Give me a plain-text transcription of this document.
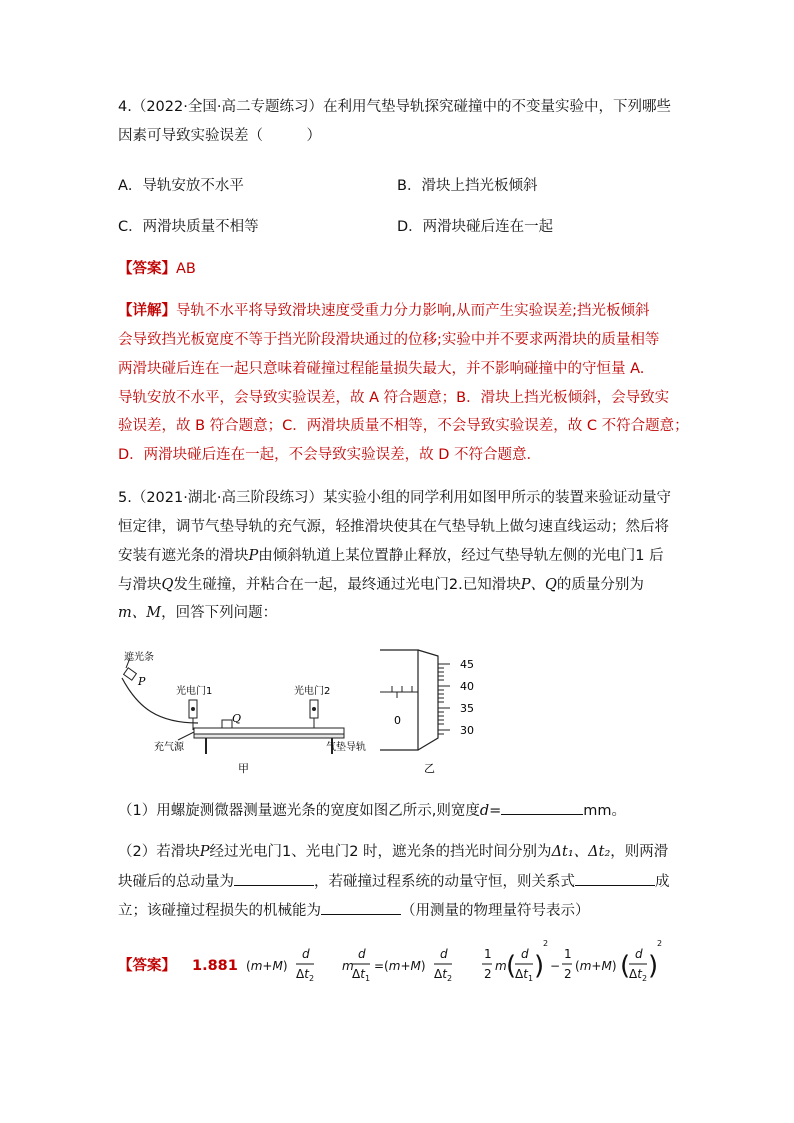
4.（2022·全国·高二专题练习）在利用气垫导轨探究碰撞中的不变量实验中，下列哪些
因素可导致实验误差（　　　）
A．导轨安放不水平	B．滑块上挡光板倾斜
C．两滑块质量不相等	D．两滑块碰后连在一起
【答案】AB
【详解】导轨不水平将导致滑块速度受重力分力影响,从而产生实验误差;挡光板倾斜
会导致挡光板宽度不等于挡光阶段滑块通过的位移;实验中并不要求两滑块的质量相等
两滑块碰后连在一起只意味着碰撞过程能量损失最大，并不影响碰撞中的守恒量 A.
导轨安放不水平，会导致实验误差，故 A 符合题意；B．滑块上挡光板倾斜，会导致实
验误差，故 B 符合题意；C．两滑块质量不相等，不会导致实验误差，故 C 不符合题意；
D．两滑块碰后连在一起，不会导致实验误差，故 D 不符合题意．
5.（2021·湖北·高三阶段练习）某实验小组的同学利用如图甲所示的装置来验证动量守
恒定律，调节气垫导轨的充气源，轻推滑块使其在气垫导轨上做匀速直线运动；然后将
安装有遮光条的滑块P由倾斜轨道上某位置静止释放，经过气垫导轨左侧的光电门1 后
与滑块Q发生碰撞，并粘合在一起，最终通过光电门2.已知滑块P、Q的质量分别为
m、M，回答下列问题：
遮光条
P
光电门1	光电门2
Q
充气源	气垫导轨
甲
0
45
40
35
30
乙
（1）用螺旋测微器测量遮光条的宽度如图乙所示,则宽度d=	mm。
（2）若滑块P经过光电门1、光电门2 时，遮光条的挡光时间分别为Δt₁、Δt₂，则两滑
块碰后的总动量为	，若碰撞过程系统的动量守恒，则关系式	成
立；该碰撞过程损失的机械能为	（用测量的物理量符号表示）
【答案】 1.881 (m+M)
d
$\Delta t_2$
m
d
$\Delta t_1$
=(m+M)
d
$\Delta t_2$
1
2
m ( d
$\Delta t_1$ )
2
−
1
2
(m+M) ( d
$\Delta t_2$ )
2
